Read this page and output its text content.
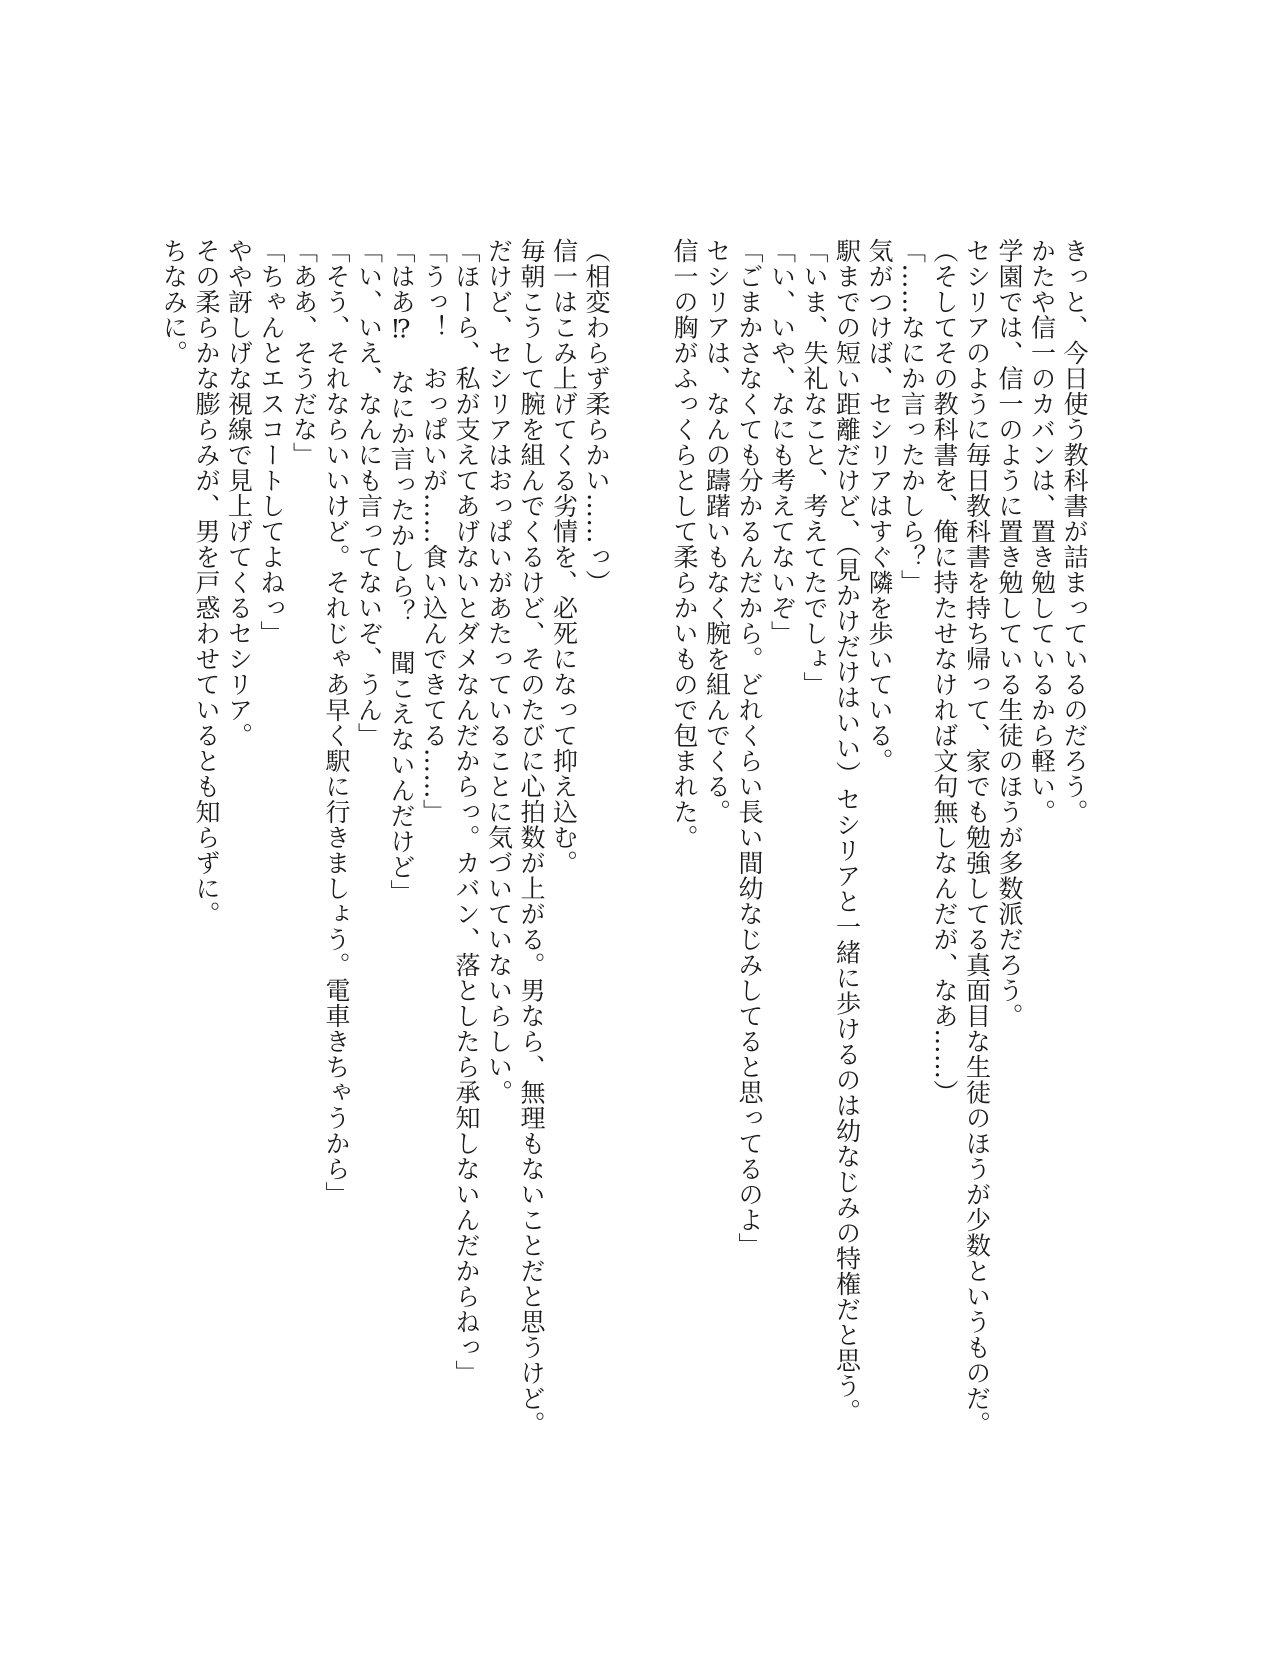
きっと、今日使う教科書が詰まっているのだろう。
かたや信一のカバンは、置き勉しているから軽い。
学園では、信一のように置き勉している生徒のほうが多数派だろう。
セシリアのように毎日教科書を持ち帰って、家でも勉強してる真面目な生徒のほうが少数というものだ。
（そしてその教科書を、俺に持たせなければ文句無しなんだが、なあ……）
「……なにか言ったかしら？」
気がつけば、セシリアはすぐ隣を歩いている。
駅までの短い距離だけど、（見かけだけはいい）セシリアと一緒に歩けるのは幼なじみの特権だと思う。
「いま、失礼なこと、考えてたでしょ」
「い、いや、なにも考えてないぞ」
「ごまかさなくても分かるんだから。どれくらい長い間幼なじみしてると思ってるのよ」
セシリアは、なんの躊躇いもなく腕を組んでくる。
信一の胸がふっくらとして柔らかいもので包まれた。
（相変わらず柔らかい……っ）
信一はこみ上げてくる劣情を、必死になって抑え込む。
毎朝こうして腕を組んでくるけど、そのたびに心拍数が上がる。男なら、無理もないことだと思うけど。
だけど、セシリアはおっぱいがあたっていることに気づいていないらしい。
「ほーら、私が支えてあげないとダメなんだからっ。カバン、落としたら承知しないんだからねっ」
「うっ！　おっぱいが……食い込んできてる……」
「はあ⁉　なにか言ったかしら？　聞こえないんだけど」
「い、いえ、なんにも言ってないぞ、うん」
「そう、それならいいけど。それじゃあ早く駅に行きましょう。電車きちゃうから」
「ああ、そうだな」
「ちゃんとエスコートしてよねっ」
やや訝しげな視線で見上げてくるセシリア。
その柔らかな膨らみが、男を戸惑わせているとも知らずに。
ちなみに。
